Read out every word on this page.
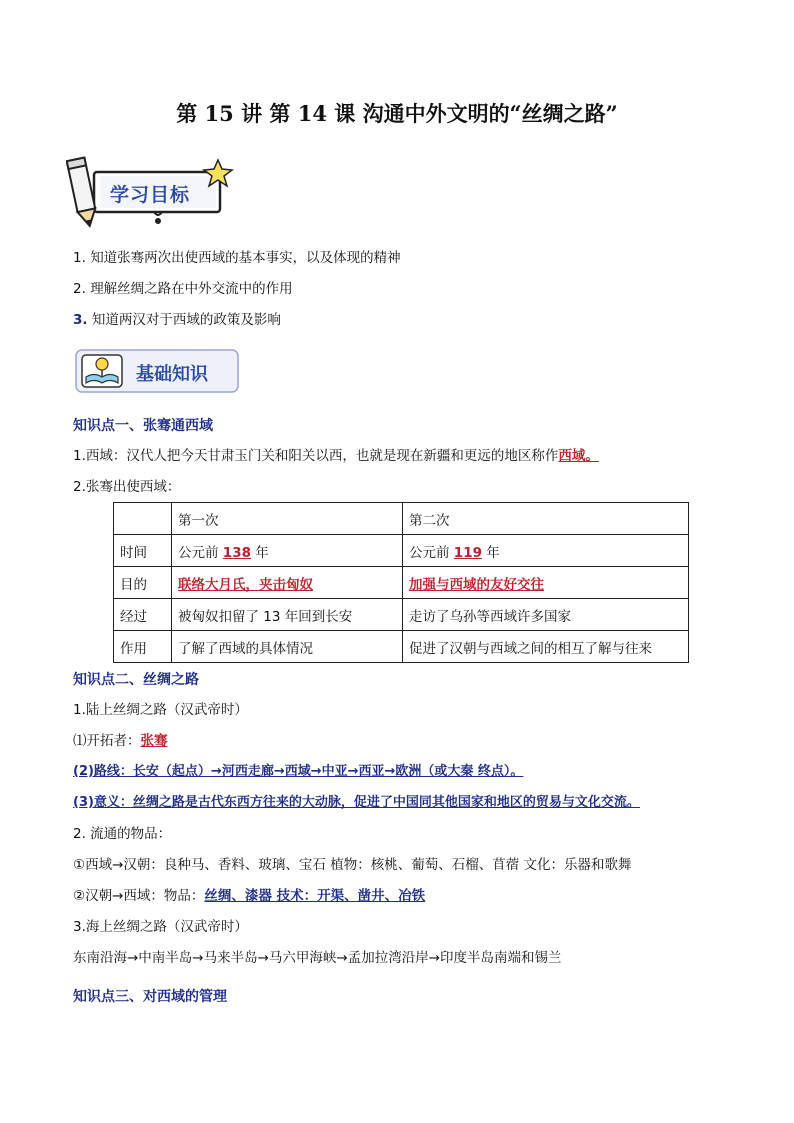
第 15 讲 第 14 课 沟通中外文明的“丝绸之路”
学习目标
1. 知道张骞两次出使西域的基本事实，以及体现的精神
2. 理解丝绸之路在中外交流中的作用
3. 知道两汉对于西域的政策及影响
基础知识
知识点一、张骞通西域
1.西域：汉代人把今天甘肃玉门关和阳关以西，也就是现在新疆和更远的地区称作西域。
2.张骞出使西域：
	第一次	第二次
时间	公元前 138 年	公元前 119 年
目的	联络大月氏，夹击匈奴	加强与西域的友好交往
经过	被匈奴扣留了 13 年回到长安	走访了乌孙等西域许多国家
作用	了解了西域的具体情况	促进了汉朝与西域之间的相互了解与往来
知识点二、丝绸之路
1.陆上丝绸之路（汉武帝时）
⑴开拓者：张骞
(2)路线：长安（起点）→河西走廊→西域→中亚→西亚→欧洲（或大秦 终点）。
(3)意义：丝绸之路是古代东西方往来的大动脉，促进了中国同其他国家和地区的贸易与文化交流。
2. 流通的物品：
①西域→汉朝：良种马、香料、玻璃、宝石 植物：核桃、葡萄、石榴、苜蓿 文化：乐器和歌舞
②汉朝→西域：物品：丝绸、漆器 技术：开渠、凿井、冶铁
3.海上丝绸之路（汉武帝时）
东南沿海→中南半岛→马来半岛→马六甲海峡→孟加拉湾沿岸→印度半岛南端和锡兰
知识点三、对西域的管理
